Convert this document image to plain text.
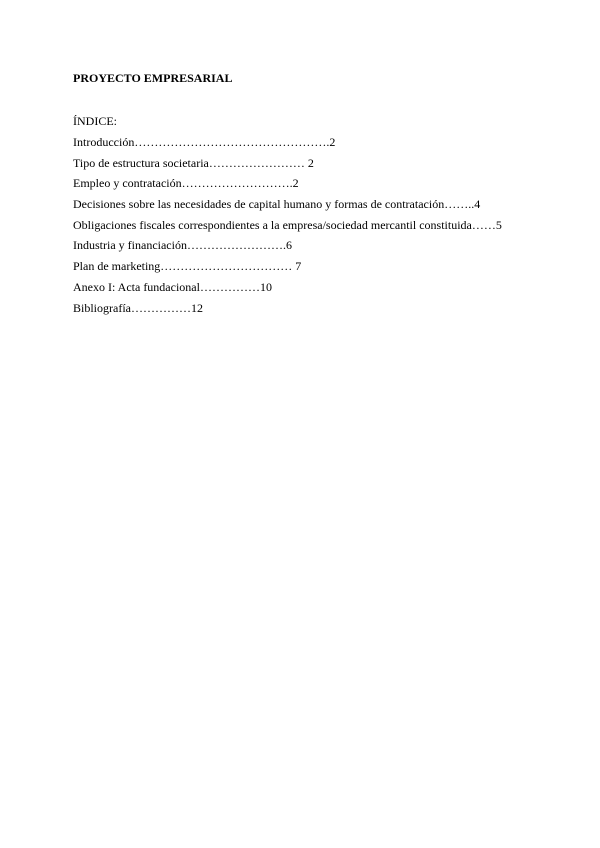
PROYECTO EMPRESARIAL
ÍNDICE:
Introducción………………………………………….2
Tipo de estructura societaria…………………… 2
Empleo y contratación……………………….2
Decisiones sobre las necesidades de capital humano y formas de contratación……..4
Obligaciones fiscales correspondientes a la empresa/sociedad mercantil constituida……5
Industria y financiación…………………….6
Plan de marketing…………………………… 7
Anexo I: Acta fundacional……………10
Bibliografía……………12
